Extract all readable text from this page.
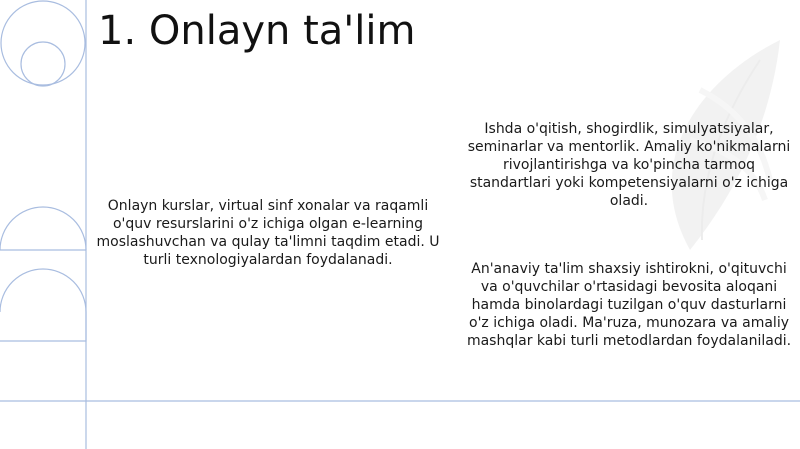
1. Onlayn ta'lim

Onlayn kurslar, virtual sinf xonalar va raqamli o'quv resurslarini o'z ichiga olgan e-learning moslashuvchan va qulay ta'limni taqdim etadi. U turli texnologiyalardan foydalanadi.

Ishda o'qitish, shogirdlik, simulyatsiyalar, seminarlar va mentorlik. Amaliy ko'nikmalarni rivojlantirishga va ko'pincha tarmoq standartlari yoki kompetensiyalarni o'z ichiga oladi.

An'anaviy ta'lim shaxsiy ishtirokni, o'qituvchi va o'quvchilar o'rtasidagi bevosita aloqani hamda binolardagi tuzilgan o'quv dasturlarni o'z ichiga oladi. Ma'ruza, munozara va amaliy mashqlar kabi turli metodlardan foydalaniladi.
